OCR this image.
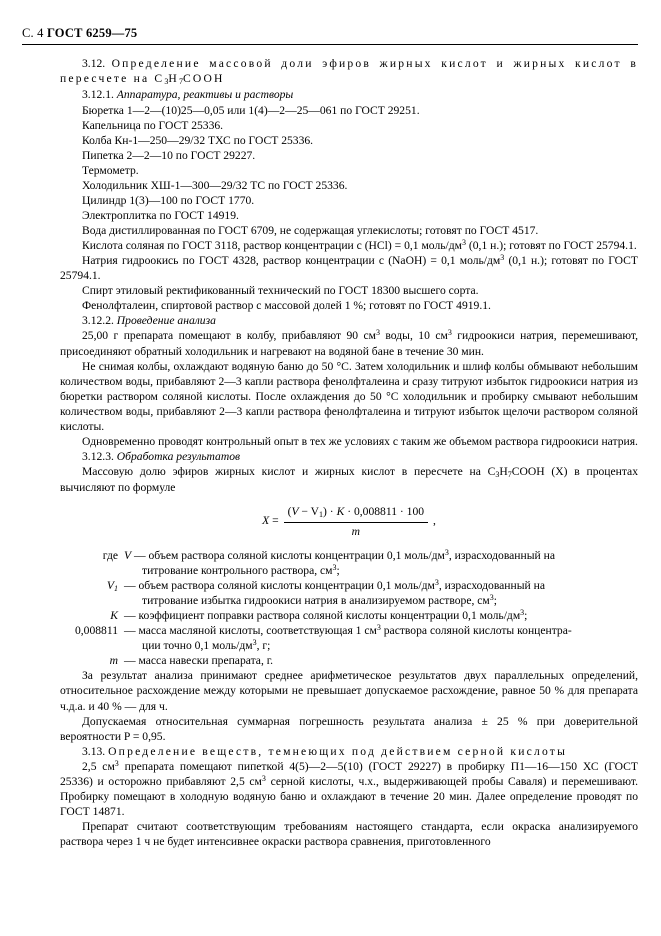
С. 4 ГОСТ 6259—75

3.12. Определение массовой доли эфиров жирных кислот и жирных кислот в пересчете на $C_3H_7COOH$

3.12.1. Аппаратура, реактивы и растворы

Бюретка 1—2—(10)25—0,05 или 1(4)—2—25—061 по ГОСТ 29251.

Капельница по ГОСТ 25336.

Колба Кн-1—250—29/32 ТХС по ГОСТ 25336.

Пипетка 2—2—10 по ГОСТ 29227.

Термометр.

Холодильник ХШ-1—300—29/32 ТС по ГОСТ 25336.

Цилиндр 1(3)—100 по ГОСТ 1770.

Электроплитка по ГОСТ 14919.

Вода дистиллированная по ГОСТ 6709, не содержащая углекислоты; готовят по ГОСТ 4517.

Кислота соляная по ГОСТ 3118, раствор концентрации c (HCl) = 0,1 моль/$дм^3$ (0,1 н.); готовят по ГОСТ 25794.1.

Натрия гидроокись по ГОСТ 4328, раствор концентрации c (NaOH) = 0,1 моль/$дм^3$ (0,1 н.); готовят по ГОСТ 25794.1.

Спирт этиловый ректификованный технический по ГОСТ 18300 высшего сорта.

Фенолфталеин, спиртовой раствор с массовой долей 1 %; готовят по ГОСТ 4919.1.

3.12.2. Проведение анализа

25,00 г препарата помещают в колбу, прибавляют 90 $см^3$ воды, 10 $см^3$ гидроокиси натрия, перемешивают, присоединяют обратный холодильник и нагревают на водяной бане в течение 30 мин.

Не снимая колбы, охлаждают водяную баню до 50 °С. Затем холодильник и шлиф колбы обмывают небольшим количеством воды, прибавляют 2—3 капли раствора фенолфталеина и сразу титруют избыток гидроокиси натрия из бюретки раствором соляной кислоты. После охлаждения до 50 °С холодильник и пробирку смывают небольшим количеством воды, прибавляют 2—3 капли раствора фенолфталеина и титруют избыток щелочи раствором соляной кислоты.

Одновременно проводят контрольный опыт в тех же условиях с таким же объемом раствора гидроокиси натрия.

3.12.3. Обработка результатов

Массовую долю эфиров жирных кислот и жирных кислот в пересчете на $C_3H_7COOH$ (X) в процентах вычисляют по формуле

$X = \frac{(V - V_1) \cdot K \cdot 0,008811 \cdot 100}{m}$ ,
где V — объем раствора соляной кислоты концентрации 0,1 моль/$дм^3$, израсходованный на
титрование контрольного раствора, $см^3$;
$V_1$ — объем раствора соляной кислоты концентрации 0,1 моль/$дм^3$, израсходованный на
титрование избытка гидроокиси натрия в анализируемом растворе, $см^3$;
K — коэффициент поправки раствора соляной кислоты концентрации 0,1 моль/$дм^3$;
0,008811 — масса масляной кислоты, соответствующая 1 $см^3$ раствора соляной кислоты концентра-
ции точно 0,1 моль/$дм^3$, г;
m — масса навески препарата, г.

За результат анализа принимают среднее арифметическое результатов двух параллельных определений, относительное расхождение между которыми не превышает допускаемое расхождение, равное 50 % для препарата ч.д.а. и 40 % — для ч.

Допускаемая относительная суммарная погрешность результата анализа ± 25 % при доверительной вероятности P = 0,95.

3.13. Определение веществ, темнеющих под действием серной кислоты

2,5 $см^3$ препарата помещают пипеткой 4(5)—2—5(10) (ГОСТ 29227) в пробирку П1—16—150 ХС (ГОСТ 25336) и осторожно прибавляют 2,5 $см^3$ серной кислоты, ч.х., выдерживающей пробы Саваля) и перемешивают. Пробирку помещают в холодную водяную баню и охлаждают в течение 20 мин. Далее определение проводят по ГОСТ 14871.

Препарат считают соответствующим требованиям настоящего стандарта, если окраска анализируемого раствора через 1 ч не будет интенсивнее окраски раствора сравнения, приготовленного
